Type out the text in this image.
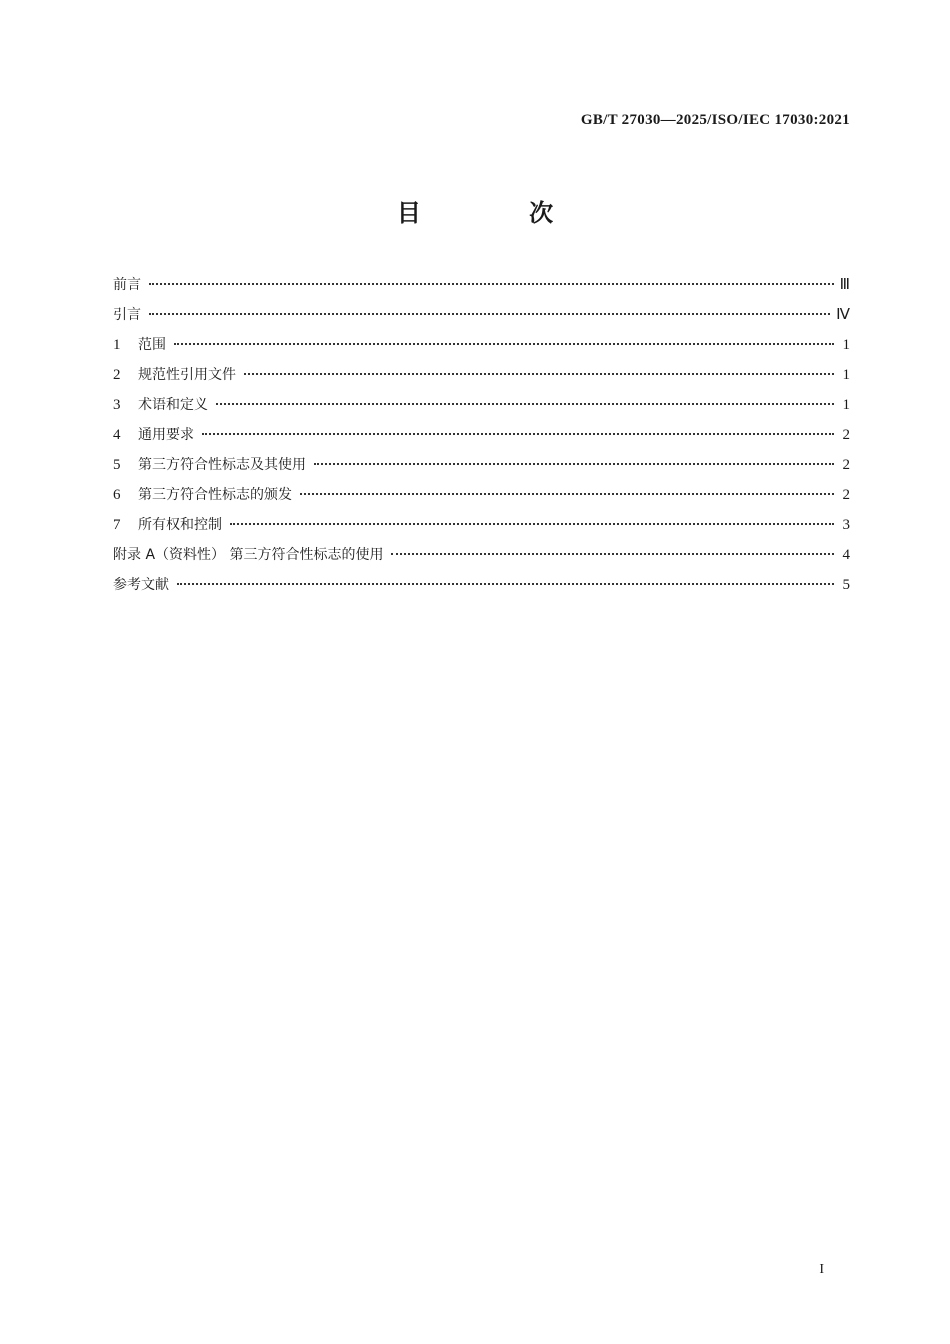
GB/T 27030—2025/ISO/IEC 17030:2021
目 次
前言	Ⅲ
引言	Ⅳ
1	范围	1
2	规范性引用文件	1
3	术语和定义	1
4	通用要求	2
5	第三方符合性标志及其使用	2
6	第三方符合性标志的颁发	2
7	所有权和控制	3
附录 A（资料性） 第三方符合性标志的使用	4
参考文献	5
I
